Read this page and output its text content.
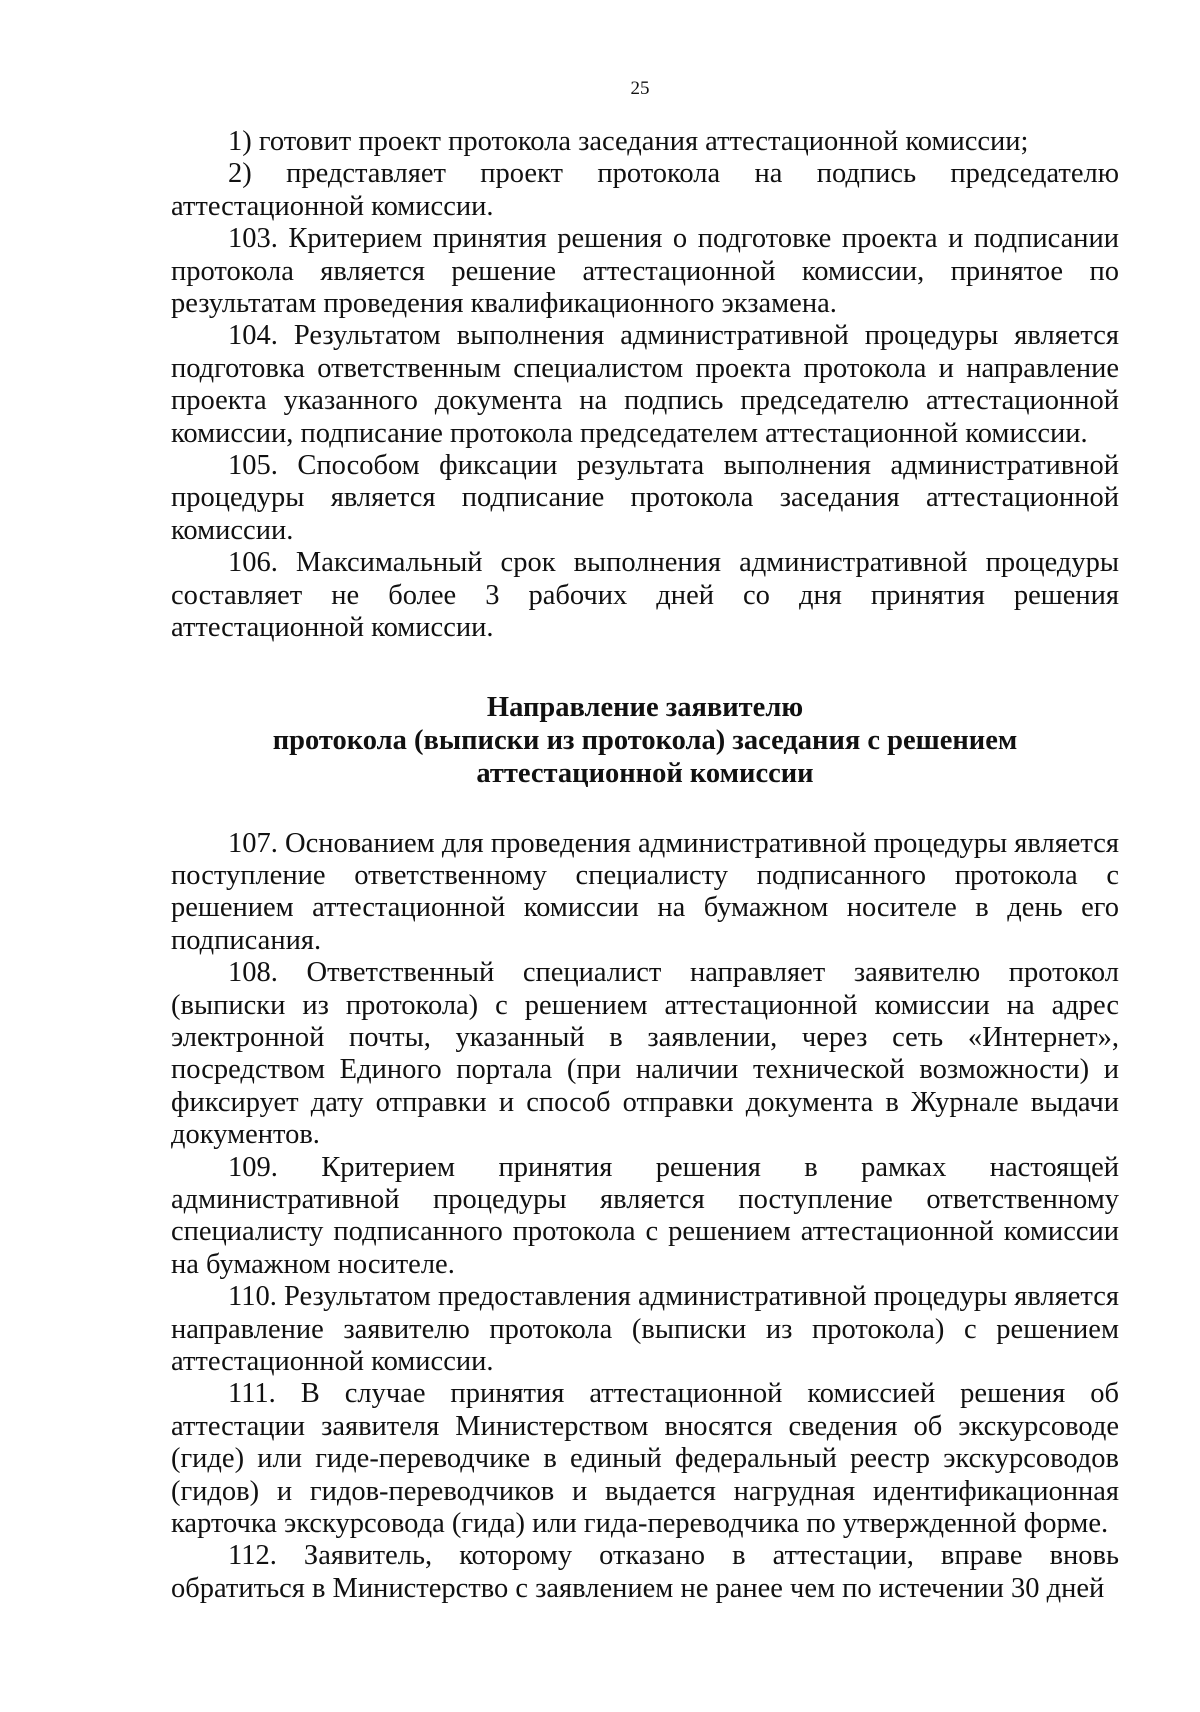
25

1) готовит проект протокола заседания аттестационной комиссии;

2) представляет проект протокола на подпись председателю аттестационной комиссии.

103. Критерием принятия решения о подготовке проекта и подписании протокола является решение аттестационной комиссии, принятое по результатам проведения квалификационного экзамена.

104. Результатом выполнения административной процедуры является подготовка ответственным специалистом проекта протокола и направление проекта указанного документа на подпись председателю аттестационной комиссии, подписание протокола председателем аттестационной комиссии.

105. Способом фиксации результата выполнения административной процедуры является подписание протокола заседания аттестационной комиссии.

106. Максимальный срок выполнения административной процедуры составляет не более 3 рабочих дней со дня принятия решения аттестационной комиссии.

Направление заявителю
протокола (выписки из протокола) заседания с решением
аттестационной комиссии

107. Основанием для проведения административной процедуры является поступление ответственному специалисту подписанного протокола с решением аттестационной комиссии на бумажном носителе в день его подписания.

108. Ответственный специалист направляет заявителю протокол (выписки из протокола) с решением аттестационной комиссии на адрес электронной почты, указанный в заявлении, через сеть «Интернет», посредством Единого портала (при наличии технической возможности) и фиксирует дату отправки и способ отправки документа в Журнале выдачи документов.

109. Критерием принятия решения в рамках настоящей административной процедуры является поступление ответственному специалисту подписанного протокола с решением аттестационной комиссии на бумажном носителе.

110. Результатом предоставления административной процедуры является направление заявителю протокола (выписки из протокола) с решением аттестационной комиссии.

111. В случае принятия аттестационной комиссией решения об аттестации заявителя Министерством вносятся сведения об экскурсоводе (гиде) или гиде-переводчике в единый федеральный реестр экскурсоводов (гидов) и гидов-переводчиков и выдается нагрудная идентификационная карточка экскурсовода (гида) или гида-переводчика по утвержденной форме.

112. Заявитель, которому отказано в аттестации, вправе вновь обратиться в Министерство с заявлением не ранее чем по истечении 30 дней
